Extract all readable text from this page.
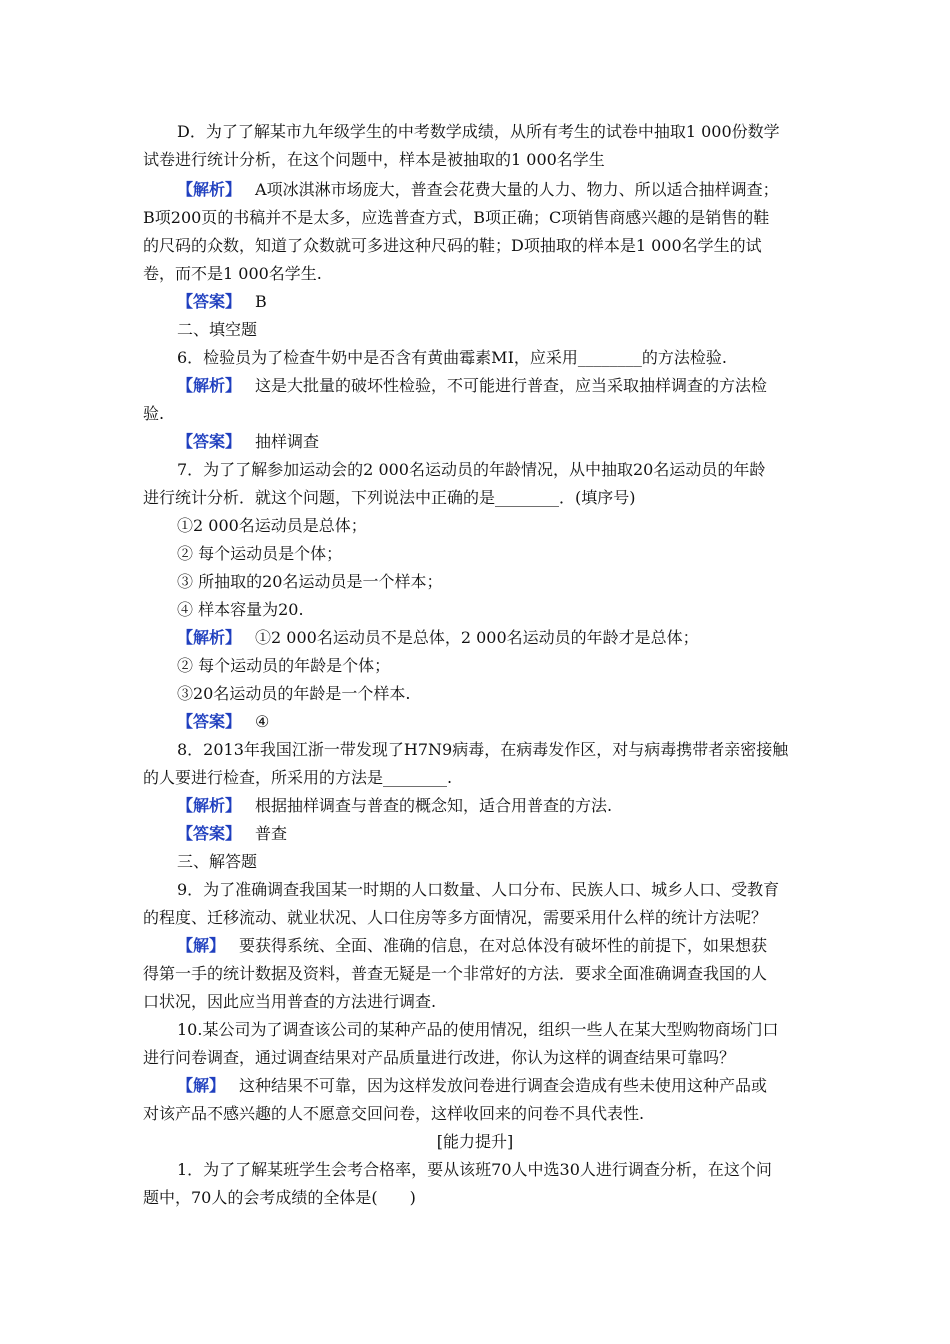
D．为了了解某市九年级学生的中考数学成绩，从所有考生的试卷中抽取1 000份数学
试卷进行统计分析，在这个问题中，样本是被抽取的1 000名学生
【解析】 A项冰淇淋市场庞大，普查会花费大量的人力、物力、所以适合抽样调查；
B项200页的书稿并不是太多，应选普查方式，B项正确；C项销售商感兴趣的是销售的鞋
的尺码的众数，知道了众数就可多进这种尺码的鞋；D项抽取的样本是1 000名学生的试
卷，而不是1 000名学生.
【答案】 B
二、填空题
6．检验员为了检查牛奶中是否含有黄曲霉素MI，应采用________的方法检验.
【解析】 这是大批量的破坏性检验，不可能进行普查，应当采取抽样调查的方法检
验.
【答案】 抽样调查
7．为了了解参加运动会的2 000名运动员的年龄情况，从中抽取20名运动员的年龄
进行统计分析．就这个问题，下列说法中正确的是________．(填序号)
①2 000名运动员是总体；
② 每个运动员是个体；
③ 所抽取的20名运动员是一个样本；
④ 样本容量为20.
【解析】 ①2 000名运动员不是总体，2 000名运动员的年龄才是总体；
② 每个运动员的年龄是个体；
③20名运动员的年龄是一个样本.
【答案】 ④
8．2013年我国江浙一带发现了H7N9病毒，在病毒发作区，对与病毒携带者亲密接触
的人要进行检查，所采用的方法是________.
【解析】 根据抽样调查与普查的概念知，适合用普查的方法.
【答案】 普查
三、解答题
9．为了准确调查我国某一时期的人口数量、人口分布、民族人口、城乡人口、受教育
的程度、迁移流动、就业状况、人口住房等多方面情况，需要采用什么样的统计方法呢？
【解】 要获得系统、全面、准确的信息，在对总体没有破坏性的前提下，如果想获
得第一手的统计数据及资料，普查无疑是一个非常好的方法．要求全面准确调查我国的人
口状况，因此应当用普查的方法进行调查.
10.某公司为了调查该公司的某种产品的使用情况，组织一些人在某大型购物商场门口
进行问卷调查，通过调查结果对产品质量进行改进，你认为这样的调查结果可靠吗？
【解】 这种结果不可靠，因为这样发放问卷进行调查会造成有些未使用这种产品或
对该产品不感兴趣的人不愿意交回问卷，这样收回来的问卷不具代表性.
[能力提升]
1．为了了解某班学生会考合格率，要从该班70人中选30人进行调查分析，在这个问
题中，70人的会考成绩的全体是(　　)
